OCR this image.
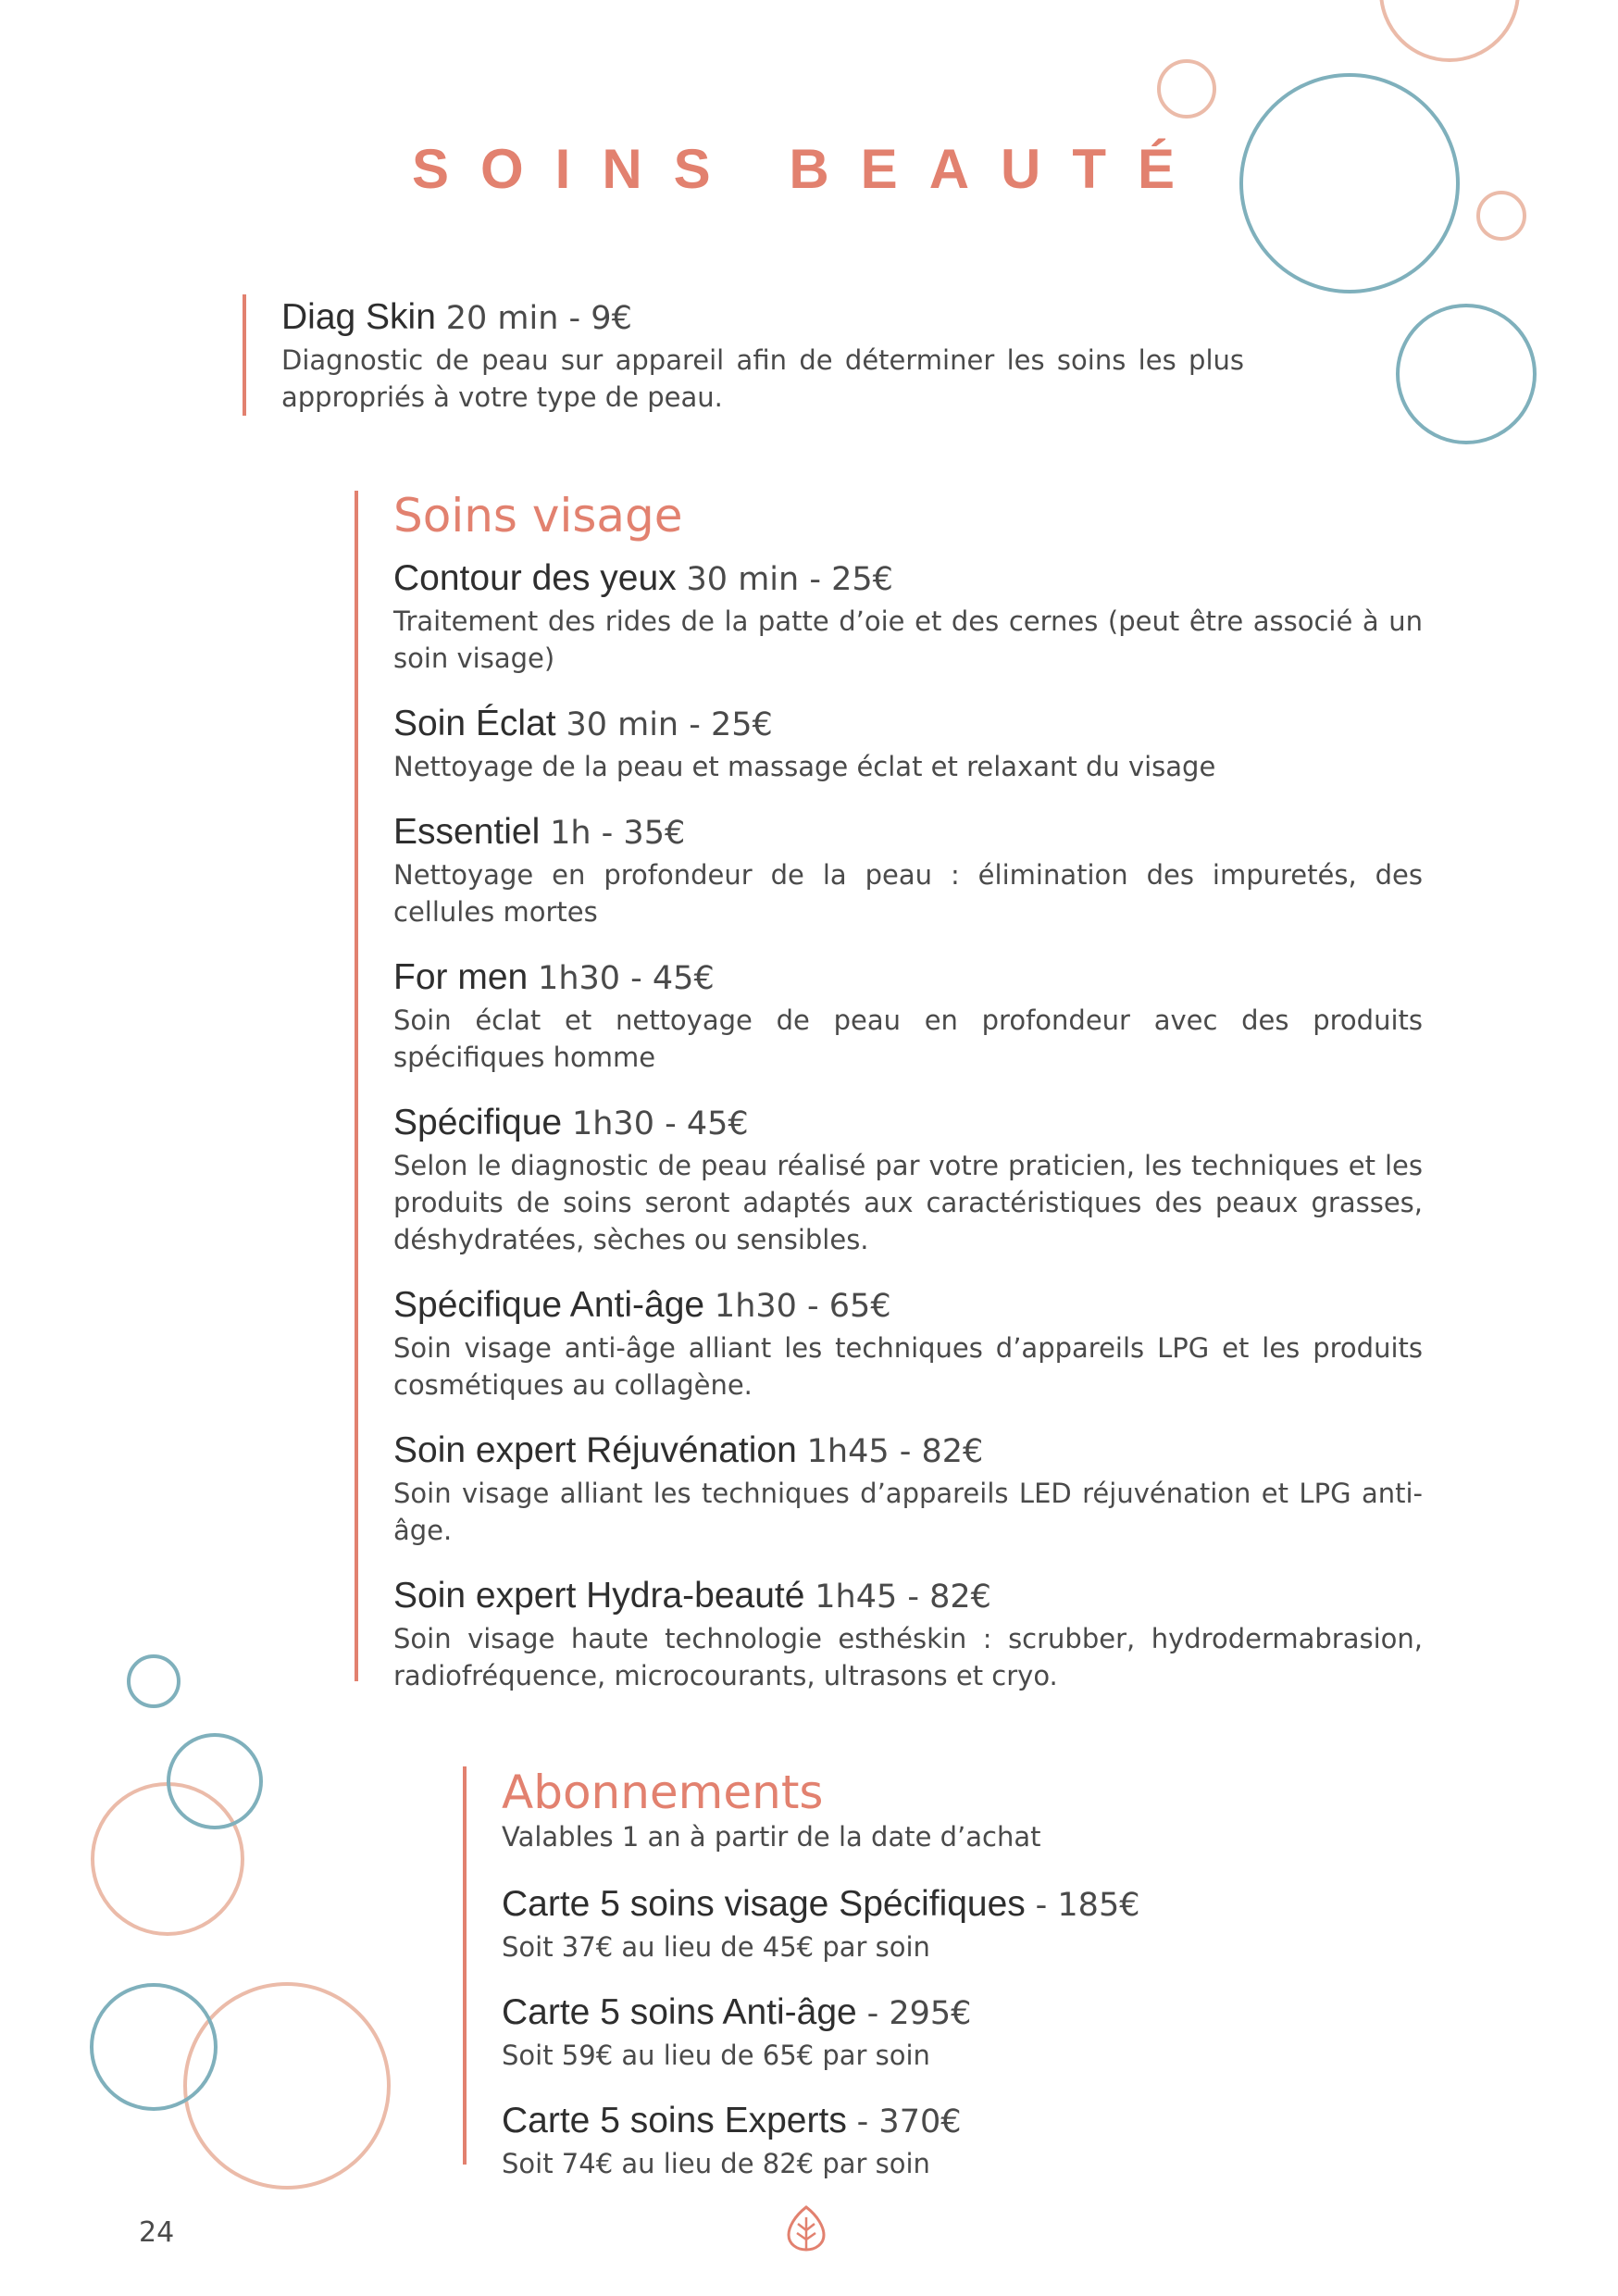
SOINS BEAUTÉ
Diag Skin 20 min - 9€
Diagnostic de peau sur appareil afin de déterminer les soins les plus appropriés à votre type de peau.
Soins visage
Contour des yeux 30 min - 25€
Traitement des rides de la patte d’oie et des cernes (peut être associé à un soin visage)
Soin Éclat 30 min - 25€
Nettoyage de la peau et massage éclat et relaxant du visage
Essentiel 1h - 35€
Nettoyage en profondeur de la peau : élimination des impuretés, des cellules mortes
For men 1h30 - 45€
Soin éclat et nettoyage de peau en profondeur avec des produits spécifiques homme
Spécifique 1h30 - 45€
Selon le diagnostic de peau réalisé par votre praticien, les techniques et les produits de soins seront adaptés aux caractéristiques des peaux grasses, déshydratées, sèches ou sensibles.
Spécifique Anti-âge 1h30 - 65€
Soin visage anti-âge alliant les techniques d’appareils LPG et les produits cosmétiques au collagène.
Soin expert Réjuvénation 1h45 - 82€
Soin visage alliant les techniques d’appareils LED réjuvénation et LPG anti-âge.
Soin expert Hydra-beauté 1h45 - 82€
Soin visage haute technologie esthéskin : scrubber, hydrodermabrasion, radiofréquence, microcourants, ultrasons et cryo.
Abonnements
Valables 1 an à partir de la date d’achat
Carte 5 soins visage Spécifiques - 185€
Soit 37€ au lieu de 45€ par soin
Carte 5 soins Anti-âge - 295€
Soit 59€ au lieu de 65€ par soin
Carte 5 soins Experts - 370€
Soit 74€ au lieu de 82€ par soin
24
